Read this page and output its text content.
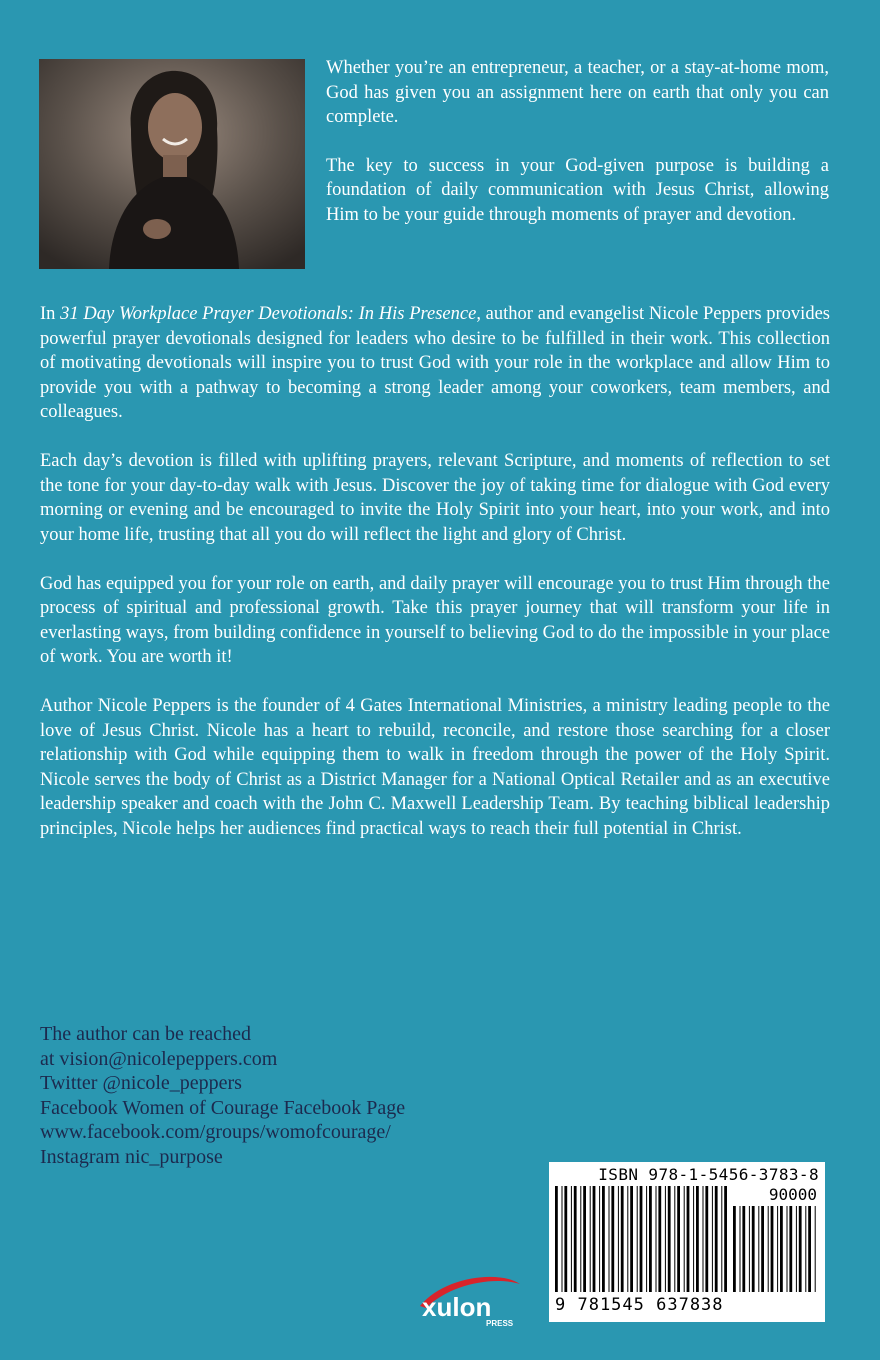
Whether you’re an entrepreneur, a teacher, or a stay-at-home mom, God has given you an assignment here on earth that only you can complete.

The key to success in your God-given purpose is building a foundation of daily communication with Jesus Christ, allowing Him to be your guide through moments of prayer and devotion.

In 31 Day Workplace Prayer Devotionals: In His Presence, author and evangelist Nicole Peppers provides powerful prayer devotionals designed for leaders who desire to be fulfilled in their work. This collection of motivating devotionals will inspire you to trust God with your role in the workplace and allow Him to provide you with a pathway to becoming a strong leader among your coworkers, team members, and colleagues.

Each day’s devotion is filled with uplifting prayers, relevant Scripture, and moments of reflection to set the tone for your day-to-day walk with Jesus. Discover the joy of taking time for dialogue with God every morning or evening and be encouraged to invite the Holy Spirit into your heart, into your work, and into your home life, trusting that all you do will reflect the light and glory of Christ.

God has equipped you for your role on earth, and daily prayer will encourage you to trust Him through the process of spiritual and professional growth. Take this prayer journey that will transform your life in everlasting ways, from building confidence in yourself to believing God to do the impossible in your place of work. You are worth it!

Author Nicole Peppers is the founder of 4 Gates International Ministries, a ministry leading people to the love of Jesus Christ. Nicole has a heart to rebuild, reconcile, and restore those searching for a closer relationship with God while equipping them to walk in freedom through the power of the Holy Spirit. Nicole serves the body of Christ as a District Manager for a National Optical Retailer and as an executive leadership speaker and coach with the John C. Maxwell Leadership Team. By teaching biblical leadership principles, Nicole helps her audiences find practical ways to reach their full potential in Christ.

The author can be reached
at vision@nicolepeppers.com
Twitter @nicole_peppers
Facebook Women of Courage Facebook Page
www.facebook.com/groups/womofcourage/
Instagram nic_purpose
ISBN 978-1-5456-3783-8
90000
9 781545 637838
xulon
PRESS
